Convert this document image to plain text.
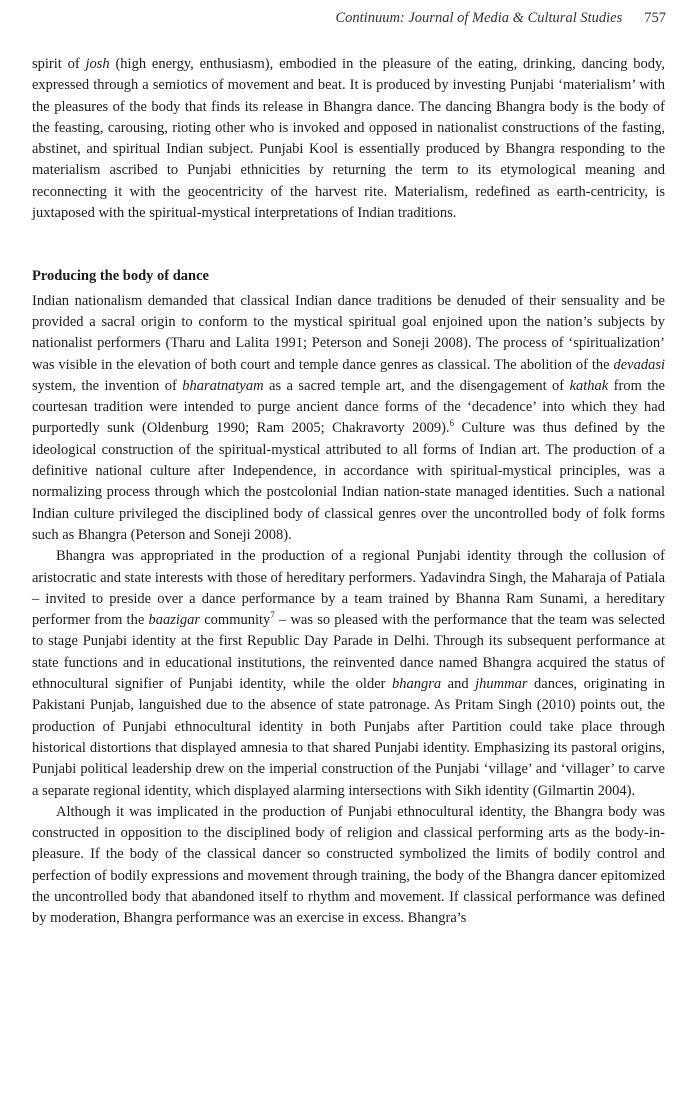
Continuum: Journal of Media & Cultural Studies 757

spirit of josh (high energy, enthusiasm), embodied in the pleasure of the eating, drinking, dancing body, expressed through a semiotics of movement and beat. It is produced by investing Punjabi ‘materialism’ with the pleasures of the body that finds its release in Bhangra dance. The dancing Bhangra body is the body of the feasting, carousing, rioting other who is invoked and opposed in nationalist constructions of the fasting, abstinet, and spiritual Indian subject. Punjabi Kool is essentially produced by Bhangra responding to the materialism ascribed to Punjabi ethnicities by returning the term to its etymological meaning and reconnecting it with the geocentricity of the harvest rite. Materialism, redefined as earth-centricity, is juxtaposed with the spiritual-mystical interpretations of Indian traditions.

Producing the body of dance

Indian nationalism demanded that classical Indian dance traditions be denuded of their sensuality and be provided a sacral origin to conform to the mystical spiritual goal enjoined upon the nation’s subjects by nationalist performers (Tharu and Lalita 1991; Peterson and Soneji 2008). The process of ‘spiritualization’ was visible in the elevation of both court and temple dance genres as classical. The abolition of the devadasi system, the invention of bharatnatyam as a sacred temple art, and the disengagement of kathak from the courtesan tradition were intended to purge ancient dance forms of the ‘decadence’ into which they had purportedly sunk (Oldenburg 1990; Ram 2005; Chakravorty 2009).$^6$ Culture was thus defined by the ideological construction of the spiritual-mystical attributed to all forms of Indian art. The production of a definitive national culture after Independence, in accordance with spiritual-mystical principles, was a normalizing process through which the postcolonial Indian nation-state managed identities. Such a national Indian culture privileged the disciplined body of classical genres over the uncontrolled body of folk forms such as Bhangra (Peterson and Soneji 2008).

Bhangra was appropriated in the production of a regional Punjabi identity through the collusion of aristocratic and state interests with those of hereditary performers. Yadavindra Singh, the Maharaja of Patiala – invited to preside over a dance performance by a team trained by Bhanna Ram Sunami, a hereditary performer from the baazigar community$^7$ – was so pleased with the performance that the team was selected to stage Punjabi identity at the first Republic Day Parade in Delhi. Through its subsequent performance at state functions and in educational institutions, the reinvented dance named Bhangra acquired the status of ethnocultural signifier of Punjabi identity, while the older bhangra and jhummar dances, originating in Pakistani Punjab, languished due to the absence of state patronage. As Pritam Singh (2010) points out, the production of Punjabi ethnocultural identity in both Punjabs after Partition could take place through historical distortions that displayed amnesia to that shared Punjabi identity. Emphasizing its pastoral origins, Punjabi political leadership drew on the imperial construction of the Punjabi ‘village’ and ‘villager’ to carve a separate regional identity, which displayed alarming intersections with Sikh identity (Gilmartin 2004).

Although it was implicated in the production of Punjabi ethnocultural identity, the Bhangra body was constructed in opposition to the disciplined body of religion and classical performing arts as the body-in-pleasure. If the body of the classical dancer so constructed symbolized the limits of bodily control and perfection of bodily expressions and movement through training, the body of the Bhangra dancer epitomized the uncontrolled body that abandoned itself to rhythm and movement. If classical performance was defined by moderation, Bhangra performance was an exercise in excess. Bhangra’s
